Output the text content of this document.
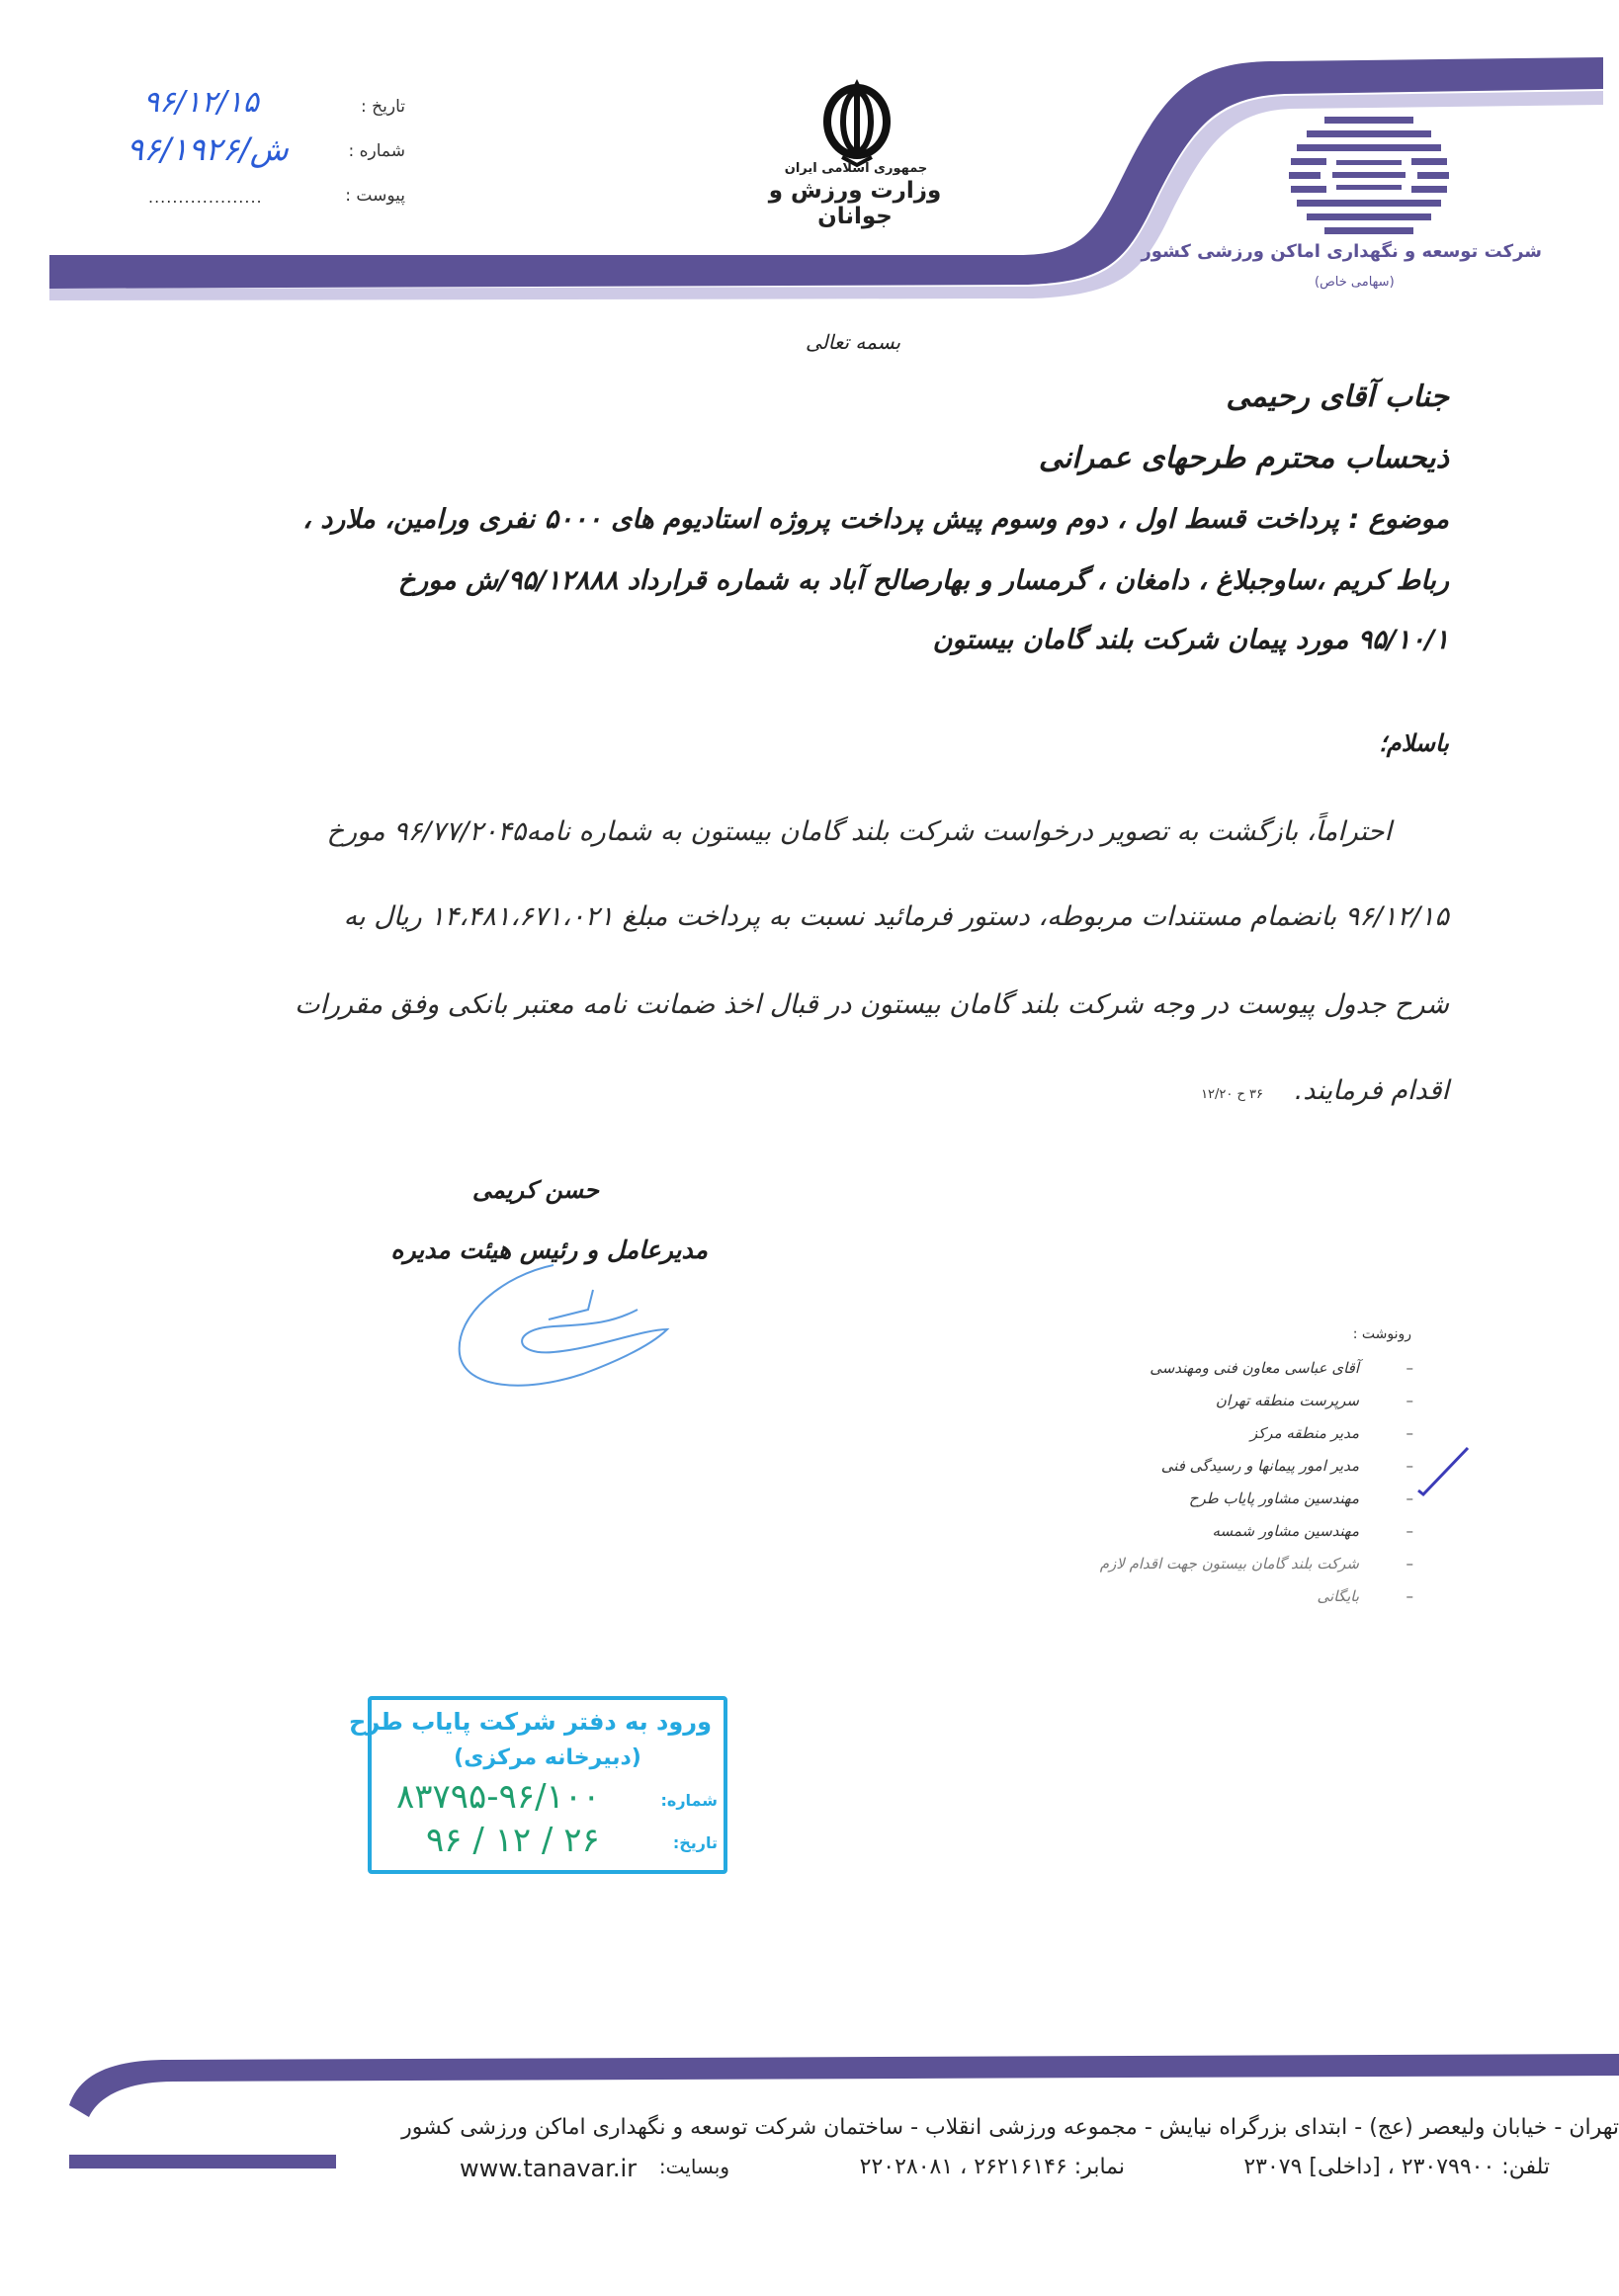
تاریخ :
۹۶/۱۲/۱۵
شماره :
۹۶/۱۹۲۶/ش
پیوست :
...................
جمهوری اسلامی ایران
وزارت ورزش و جوانان
شرکت توسعه و نگهداری اماکن ورزشی کشور
(سهامی خاص)
بسمه تعالی
جناب آقای رحیمی
ذیحساب محترم طرحهای عمرانی
موضوع : پرداخت قسط اول ، دوم وسوم پیش پرداخت پروژه استادیوم های ۵۰۰۰ نفری ورامین، ملارد ،
رباط کریم ،ساوجبلاغ ، دامغان ، گرمسار و بهارصالح آباد به شماره قرارداد ۹۵/۱۲۸۸۸/ش مورخ
۹۵/۱۰/۱ مورد پیمان شرکت بلند گامان بیستون
باسلام؛
احتراماً، بازگشت به تصویر درخواست شرکت بلند گامان بیستون به شماره نامه۹۶/۷۷/۲۰۴۵ مورخ
۹۶/۱۲/۱۵ بانضمام مستندات مربوطه، دستور فرمائید نسبت به پرداخت مبلغ ۱۴،۴۸۱،۶۷۱،۰۲۱ ریال به
شرح جدول پیوست در وجه شرکت بلند گامان بیستون در قبال اخذ ضمانت نامه معتبر بانکی وفق مقررات
اقدام فرمایند.
۳۶ ح ۱۲/۲۰
حسن کریمی
مدیرعامل و رئیس هیئت مدیره
رونوشت :
–
آقای عباسی معاون فنی ومهندسی
–
سرپرست منطقه تهران
–
مدیر منطقه مرکز
–
مدیر امور پیمانها و رسیدگی فنی
–
مهندسین مشاور پایاب طرح
–
مهندسین مشاور شمسه
–
شرکت بلند گامان بیستون جهت اقدام لازم
–
بایگانی
ورود به دفتر شرکت پایاب طرح
(دبیرخانه مرکزی)
شماره:
۸۳۷۹۵-۹۶/۱۰۰
تاریخ:
۹۶ / ۱۲ / ۲۶
تهران - خیابان ولیعصر (عج) - ابتدای بزرگراه نیایش - مجموعه ورزشی انقلاب - ساختمان شرکت توسعه و نگهداری اماکن ورزشی کشور
تلفن: ۲۳۰۷۹۹۰۰ ، [داخلی] ۲۳۰۷۹
نمابر: ۲۶۲۱۶۱۴۶ ، ۲۲۰۲۸۰۸۱
وبسایت:
www.tanavar.ir
